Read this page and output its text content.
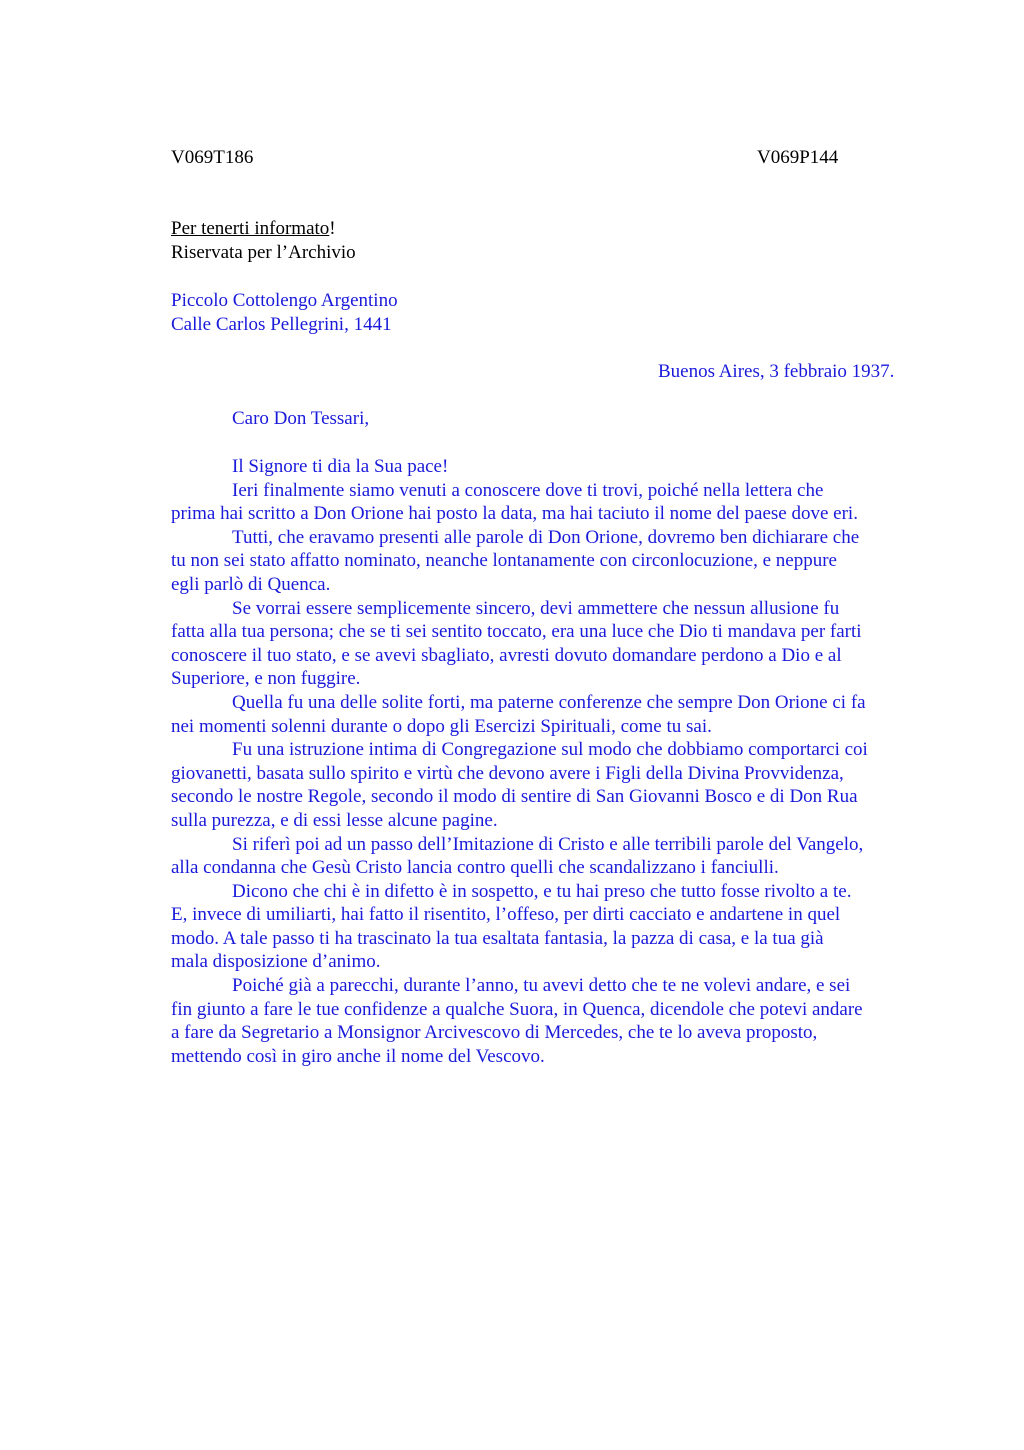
V069T186	V069P144
Per tenerti informato!
Riservata per l’Archivio
Piccolo Cottolengo Argentino
Calle Carlos Pellegrini, 1441
Buenos Aires, 3 febbraio 1937.
Caro Don Tessari,
Il Signore ti dia la Sua pace!
Ieri finalmente siamo venuti a conoscere dove ti trovi, poiché nella lettera che
prima hai scritto a Don Orione hai posto la data, ma hai taciuto il nome del paese dove eri.
Tutti, che eravamo presenti alle parole di Don Orione, dovremo ben dichiarare che
tu non sei stato affatto nominato, neanche lontanamente con circonlocuzione, e neppure
egli parlò di Quenca.
Se vorrai essere semplicemente sincero, devi ammettere che nessun allusione fu
fatta alla tua persona; che se ti sei sentito toccato, era una luce che Dio ti mandava per farti
conoscere il tuo stato, e se avevi sbagliato, avresti dovuto domandare perdono a Dio e al
Superiore, e non fuggire.
Quella fu una delle solite forti, ma paterne conferenze che sempre Don Orione ci fa
nei momenti solenni durante o dopo gli Esercizi Spirituali, come tu sai.
Fu una istruzione intima di Congregazione sul modo che dobbiamo comportarci coi
giovanetti, basata sullo spirito e virtù che devono avere i Figli della Divina Provvidenza,
secondo le nostre Regole, secondo il modo di sentire di San Giovanni Bosco e di Don Rua
sulla purezza, e di essi lesse alcune pagine.
Si riferì poi ad un passo dell’Imitazione di Cristo e alle terribili parole del Vangelo,
alla condanna che Gesù Cristo lancia contro quelli che scandalizzano i fanciulli.
Dicono che chi è in difetto è in sospetto, e tu hai preso che tutto fosse rivolto a te.
E, invece di umiliarti, hai fatto il risentito, l’offeso, per dirti cacciato e andartene in quel
modo. A tale passo ti ha trascinato la tua esaltata fantasia, la pazza di casa, e la tua già
mala disposizione d’animo.
Poiché già a parecchi, durante l’anno, tu avevi detto che te ne volevi andare, e sei
fin giunto a fare le tue confidenze a qualche Suora, in Quenca, dicendole che potevi andare
a fare da Segretario a Monsignor Arcivescovo di Mercedes, che te lo aveva proposto,
mettendo così in giro anche il nome del Vescovo.
